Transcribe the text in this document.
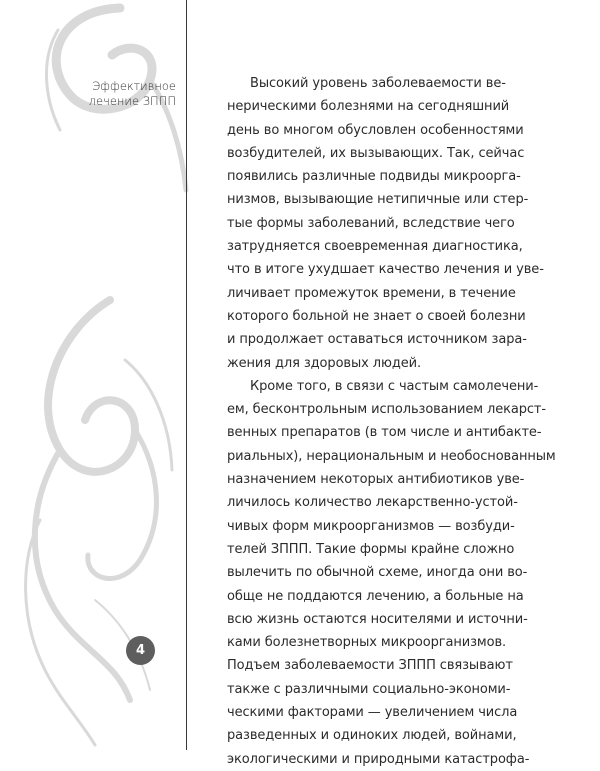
Эффективное
лечение ЗППП
4

Высокий уровень заболеваемости ве-
нерическими болезнями на сегодняшний
день во многом обусловлен особенностями
возбудителей, их вызывающих. Так, сейчас
появились различные подвиды микроорга-
низмов, вызывающие нетипичные или стер-
тые формы заболеваний, вследствие чего
затрудняется своевременная диагностика,
что в итоге ухудшает качество лечения и уве-
личивает промежуток времени, в течение
которого больной не знает о своей болезни
и продолжает оставаться источником зара-
жения для здоровых людей.

Кроме того, в связи с частым самолечени-
ем, бесконтрольным использованием лекарст-
венных препаратов (в том числе и антибакте-
риальных), нерациональным и необоснованным
назначением некоторых антибиотиков уве-
личилось количество лекарственно-устой-
чивых форм микроорганизмов — возбуди-
телей ЗППП. Такие формы крайне сложно
вылечить по обычной схеме, иногда они во-
обще не поддаются лечению, а больные на
всю жизнь остаются носителями и источни-
ками болезнетворных микроорганизмов.
Подъем заболеваемости ЗППП связывают
также с различными социально-экономи-
ческими факторами — увеличением числа
разведенных и одиноких людей, войнами,
экологическими и природными катастрофа-
